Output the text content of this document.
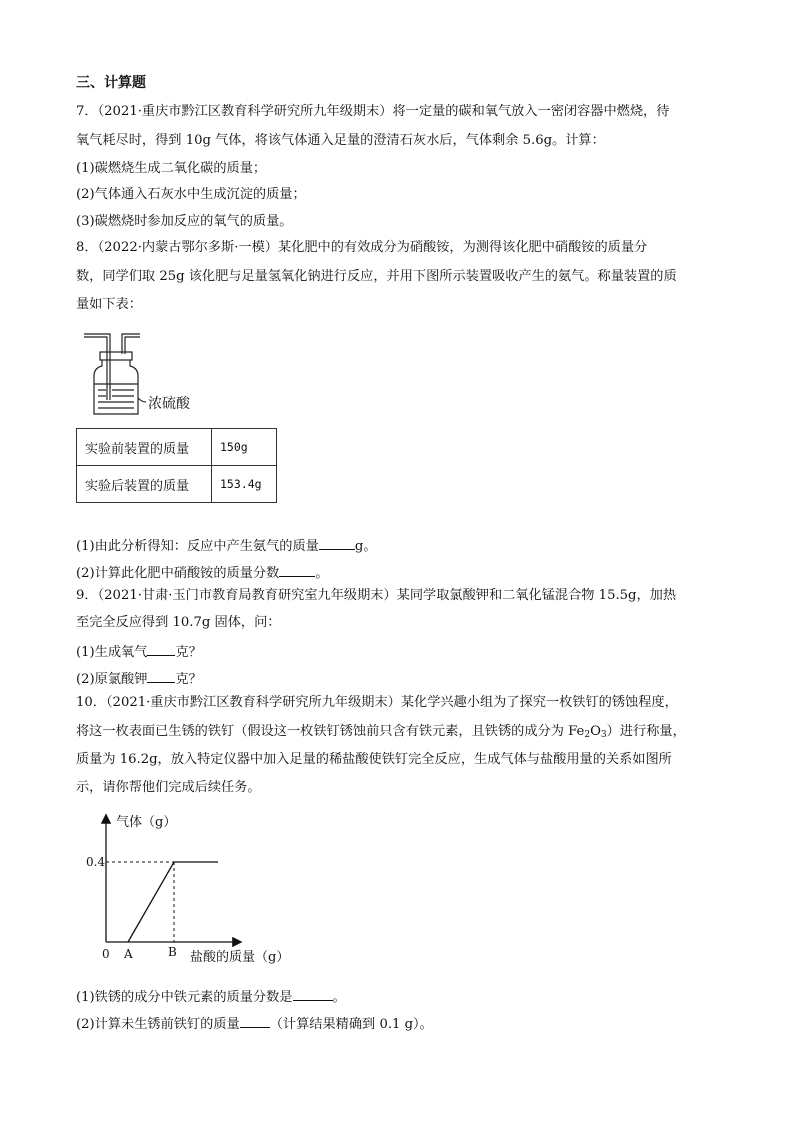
三、计算题
7．（2021·重庆市黔江区教育科学研究所九年级期末）将一定量的碳和氧气放入一密闭容器中燃烧，待
氧气耗尽时，得到 10g 气体，将该气体通入足量的澄清石灰水后，气体剩余 5.6g。计算：
(1)碳燃烧生成二氧化碳的质量；
(2)气体通入石灰水中生成沉淀的质量；
(3)碳燃烧时参加反应的氧气的质量。
8．（2022·内蒙古鄂尔多斯·一模）某化肥中的有效成分为硝酸铵，为测得该化肥中硝酸铵的质量分
数，同学们取 25g 该化肥与足量氢氧化钠进行反应，并用下图所示装置吸收产生的氨气。称量装置的质
量如下表：
浓硫酸
实验前装置的质量	150g
实验后装置的质量	153.4g
(1)由此分析得知：反应中产生氨气的质量	g。
(2)计算此化肥中硝酸铵的质量分数	。
9．（2021·甘肃·玉门市教育局教育研究室九年级期末）某同学取氯酸钾和二氧化锰混合物 15.5g，加热
至完全反应得到 10.7g 固体，问：
(1)生成氧气 克？
(2)原氯酸钾 克？
10．（2021·重庆市黔江区教育科学研究所九年级期末）某化学兴趣小组为了探究一枚铁钉的锈蚀程度，
将这一枚表面已生锈的铁钉（假设这一枚铁钉锈蚀前只含有铁元素，且铁锈的成分为 $Fe_2O_3$）进行称量，
质量为 16.2g，放入特定仪器中加入足量的稀盐酸使铁钉完全反应，生成气体与盐酸用量的关系如图所
示，请你帮他们完成后续任务。
气体（g）
0.4
0 A	B 盐酸的质量（g）
(1)铁锈的成分中铁元素的质量分数是	。
(2)计算未生锈前铁钉的质量 （计算结果精确到 0.1 g）。
